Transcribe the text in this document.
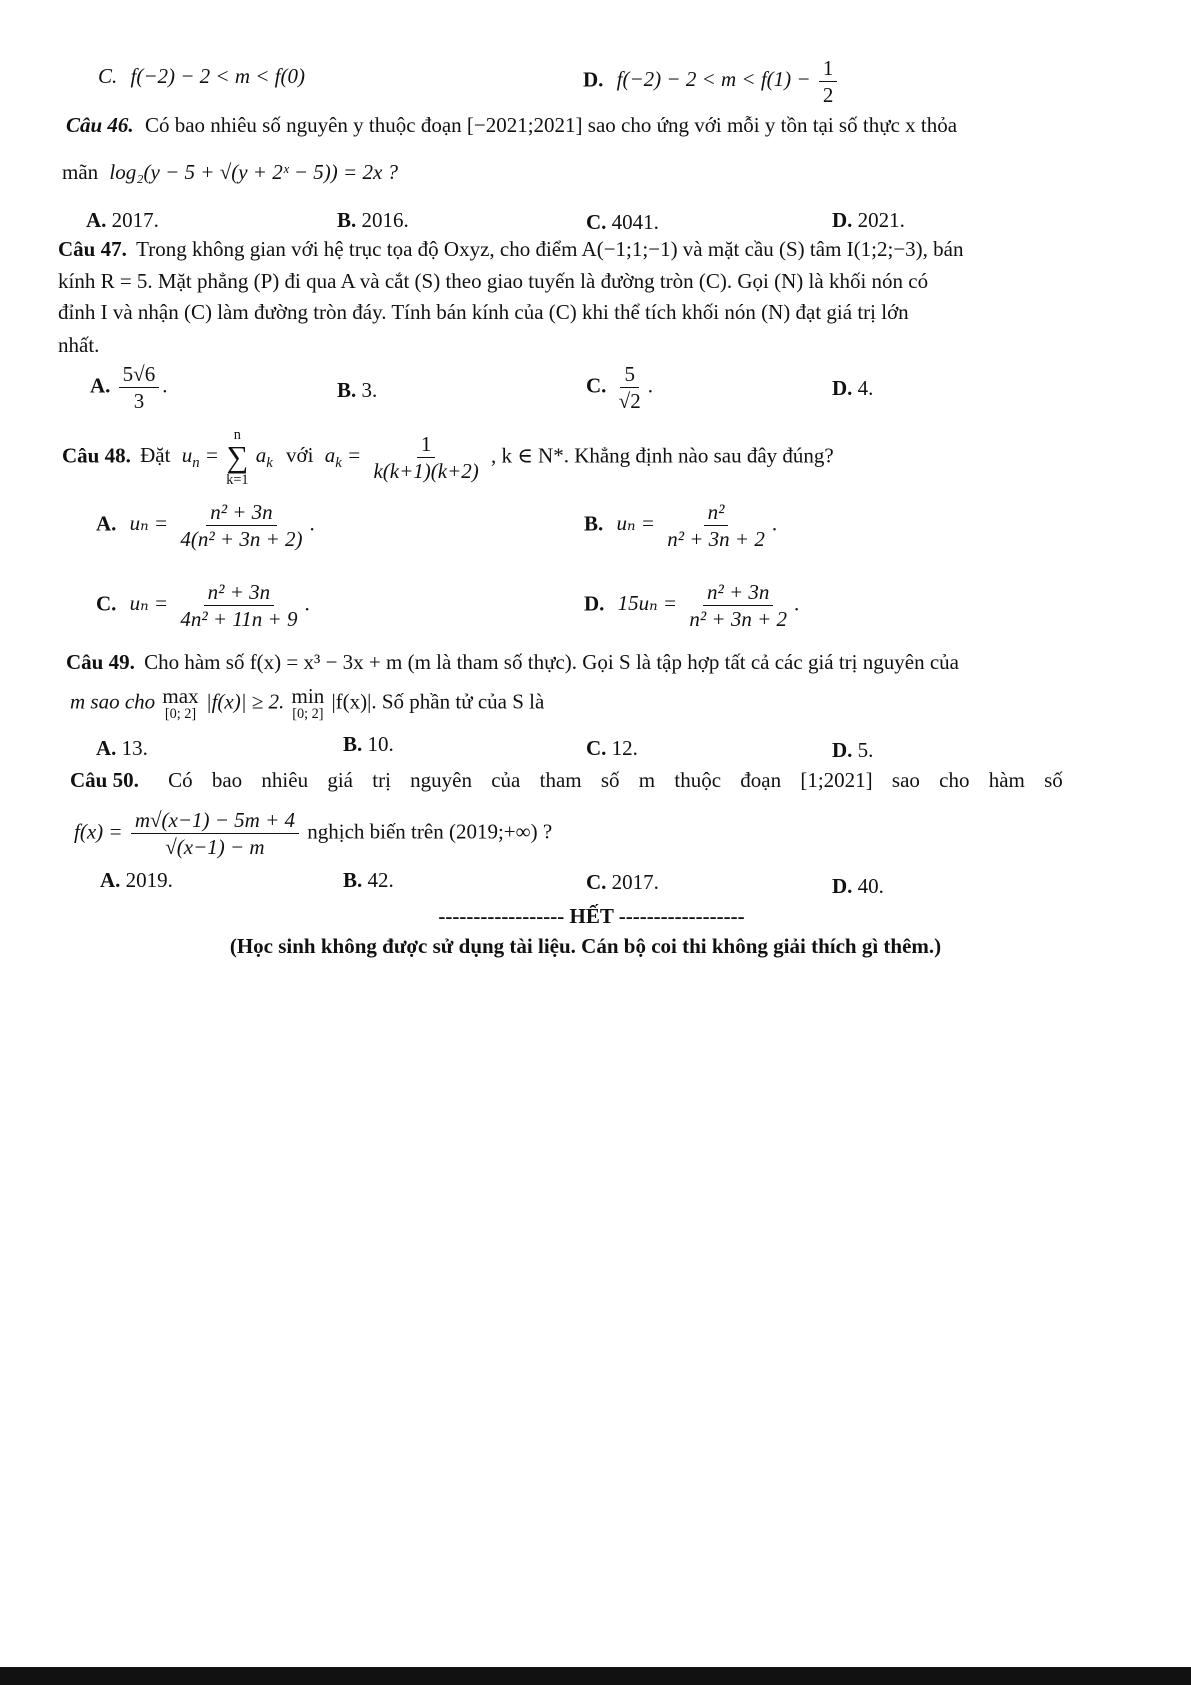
C. f(−2) − 2 < m < f(0)	D. $f(-2) - 2 < m < f(1) - \frac{1}{2}$
Câu 46. Có bao nhiêu số nguyên y thuộc đoạn [−2021;2021] sao cho ứng với mỗi y tồn tại số thực x thỏa
mãn log₂(y − 5 + √(y + 2ˣ − 5)) = 2x ?
A. 2017.	B. 2016.	C. 4041.	D. 2021.
Câu 47. Trong không gian với hệ trục tọa độ Oxyz, cho điểm A(−1;1;−1) và mặt cầu (S) tâm I(1;2;−3), bán
kính R = 5. Mặt phẳng (P) đi qua A và cắt (S) theo giao tuyến là đường tròn (C). Gọi (N) là khối nón có
đỉnh I và nhận (C) làm đường tròn đáy. Tính bán kính của (C) khi thể tích khối nón (N) đạt giá trị lớn
nhất.
A. $\frac{5√6}{3}$ .	B. 3.	C. $\frac{5}{√2}$ .	D. 4.
Câu 48. Đặt $u_n$ =
n
∑
k=1
$a_k$ với $a_k = \frac{1}{k(k+1)(k+2)}$ , k ∈ N*. Khẳng định nào sau đây đúng?
A. $u_n = \frac{\text{n² + 3n}}{\text{4(n² + 3n + 2)}}$ .	B. $u_n = \frac{\text{n²}}{\text{n² + 3n + 2}}$ .
C. $u_n = \frac{\text{n² + 3n}}{\text{4n² + 11n + 9}}$ .	D. $15u_n = \frac{\text{n² + 3n}}{\text{n² + 3n + 2}}$ .
Câu 49. Cho hàm số f(x) = x³ − 3x + m (m là tham số thực). Gọi S là tập hợp tất cả các giá trị nguyên của
m sao cho max
[0; 2]
|f(x)| ≥ 2. min
[0; 2]
|f(x)|. Số phần tử của S là
A. 13.	B. 10.	C. 12.	D. 5.
Câu 50. Có bao nhiêu giá trị nguyên của tham số m thuộc đoạn [1;2021] sao cho hàm số
$f(x) = \frac{m√(x-1) - 5m + 4}{√(x-1) - m}$ nghịch biến trên (2019;+∞) ?
A. 2019.	B. 42.	C. 2017.	D. 40.
------------------ HẾT ------------------
(Học sinh không được sử dụng tài liệu. Cán bộ coi thi không giải thích gì thêm.)
